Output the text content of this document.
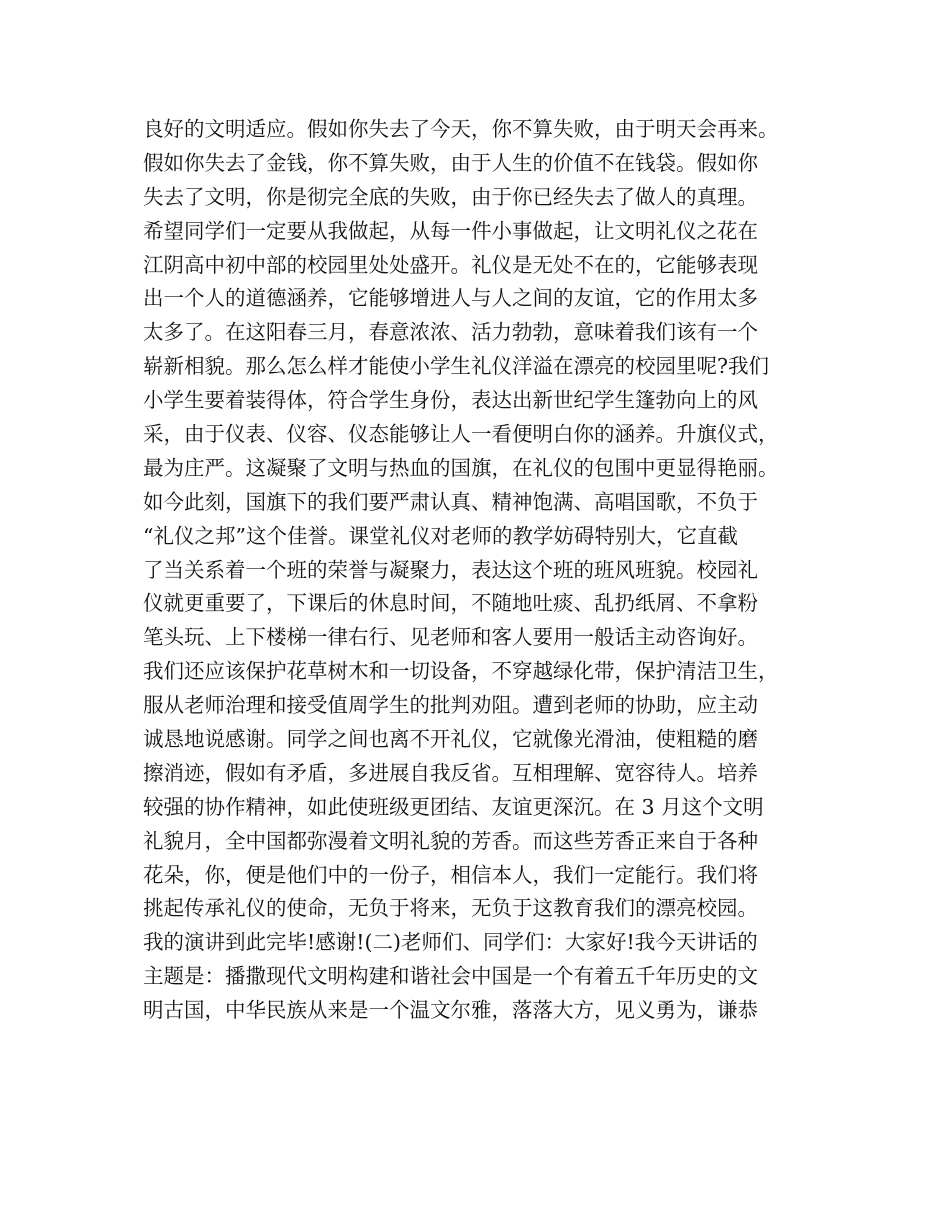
良好的文明适应。假如你失去了今天，你不算失败，由于明天会再来。
假如你失去了金钱，你不算失败，由于人生的价值不在钱袋。假如你
失去了文明，你是彻完全底的失败，由于你已经失去了做人的真理。
希望同学们一定要从我做起，从每一件小事做起，让文明礼仪之花在
江阴高中初中部的校园里处处盛开。礼仪是无处不在的，它能够表现
出一个人的道德涵养，它能够增进人与人之间的友谊，它的作用太多
太多了。在这阳春三月，春意浓浓、活力勃勃，意味着我们该有一个
崭新相貌。那么怎么样才能使小学生礼仪洋溢在漂亮的校园里呢?我们
小学生要着装得体，符合学生身份，表达出新世纪学生篷勃向上的风
采，由于仪表、仪容、仪态能够让人一看便明白你的涵养。升旗仪式，
最为庄严。这凝聚了文明与热血的国旗，在礼仪的包围中更显得艳丽。
如今此刻，国旗下的我们要严肃认真、精神饱满、高唱国歌，不负于
“礼仪之邦”这个佳誉。课堂礼仪对老师的教学妨碍特别大，它直截
了当关系着一个班的荣誉与凝聚力，表达这个班的班风班貌。校园礼
仪就更重要了，下课后的休息时间，不随地吐痰、乱扔纸屑、不拿粉
笔头玩、上下楼梯一律右行、见老师和客人要用一般话主动咨询好。
我们还应该保护花草树木和一切设备，不穿越绿化带，保护清洁卫生，
服从老师治理和接受值周学生的批判劝阻。遭到老师的协助，应主动
诚恳地说感谢。同学之间也离不开礼仪，它就像光滑油，使粗糙的磨
擦消迹，假如有矛盾，多进展自我反省。互相理解、宽容待人。培养
较强的协作精神，如此使班级更团结、友谊更深沉。在 3 月这个文明
礼貌月，全中国都弥漫着文明礼貌的芳香。而这些芳香正来自于各种
花朵，你，便是他们中的一份子，相信本人，我们一定能行。我们将
挑起传承礼仪的使命，无负于将来，无负于这教育我们的漂亮校园。
我的演讲到此完毕!感谢!(二)老师们、同学们：大家好!我今天讲话的
主题是：播撒现代文明构建和谐社会中国是一个有着五千年历史的文
明古国，中华民族从来是一个温文尔雅，落落大方，见义勇为，谦恭
